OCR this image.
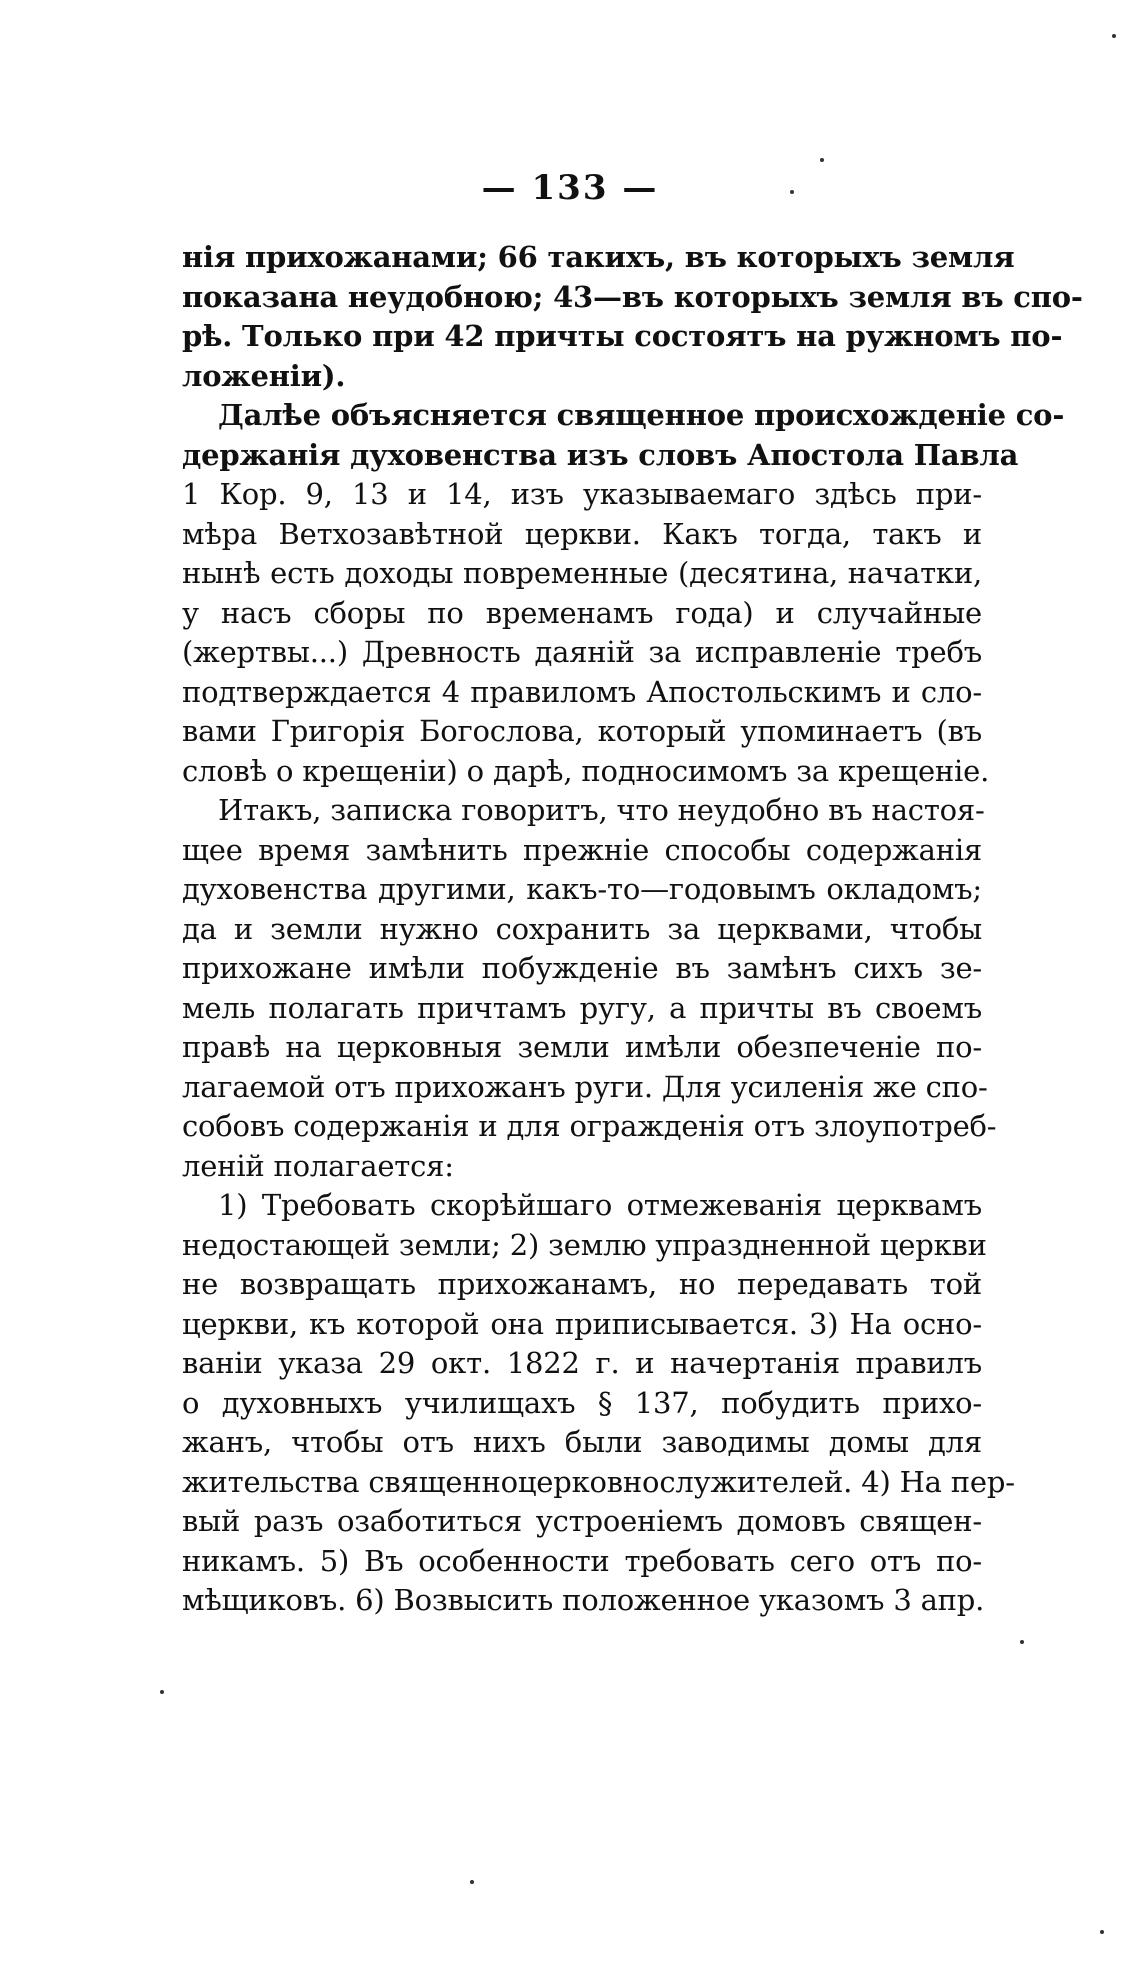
— 133 —
нія прихожанами; 66 такихъ, въ которыхъ земля
показана неудобною; 43—въ которыхъ земля въ спо-
рѣ. Только при 42 причты состоятъ на ружномъ по-
ложеніи).
Далѣе объясняется священное происхожденіе со-
держанія духовенства изъ словъ Апостола Павла
1 Кор. 9, 13 и 14, изъ указываемаго здѣсь при-
мѣра Ветхозавѣтной церкви. Какъ тогда, такъ и
нынѣ есть доходы повременные (десятина, начатки,
у насъ сборы по временамъ года) и случайные
(жертвы...) Древность даяній за исправленіе требъ
подтверждается 4 правиломъ Апостольскимъ и сло-
вами Григорія Богослова, который упоминаетъ (въ
словѣ о крещеніи) о дарѣ, подносимомъ за крещеніе.
Итакъ, записка говоритъ, что неудобно въ настоя-
щее время замѣнить прежніе способы содержанія
духовенства другими, какъ-то—годовымъ окладомъ;
да и земли нужно сохранить за церквами, чтобы
прихожане имѣли побужденіе въ замѣнъ сихъ зе-
мель полагать причтамъ ругу, а причты въ своемъ
правѣ на церковныя земли имѣли обезпеченіе по-
лагаемой отъ прихожанъ руги. Для усиленія же спо-
собовъ содержанія и для огражденія отъ злоупотреб-
леній полагается:
1) Требовать скорѣйшаго отмежеванія церквамъ
недостающей земли; 2) землю упраздненной церкви
не возвращать прихожанамъ, но передавать той
церкви, къ которой она приписывается. 3) На осно-
ваніи указа 29 окт. 1822 г. и начертанія правилъ
о духовныхъ училищахъ § 137, побудить прихо-
жанъ, чтобы отъ нихъ были заводимы домы для
жительства священноцерковнослужителей. 4) На пер-
вый разъ озаботиться устроеніемъ домовъ священ-
никамъ. 5) Въ особенности требовать сего отъ по-
мѣщиковъ. 6) Возвысить положенное указомъ 3 апр.
